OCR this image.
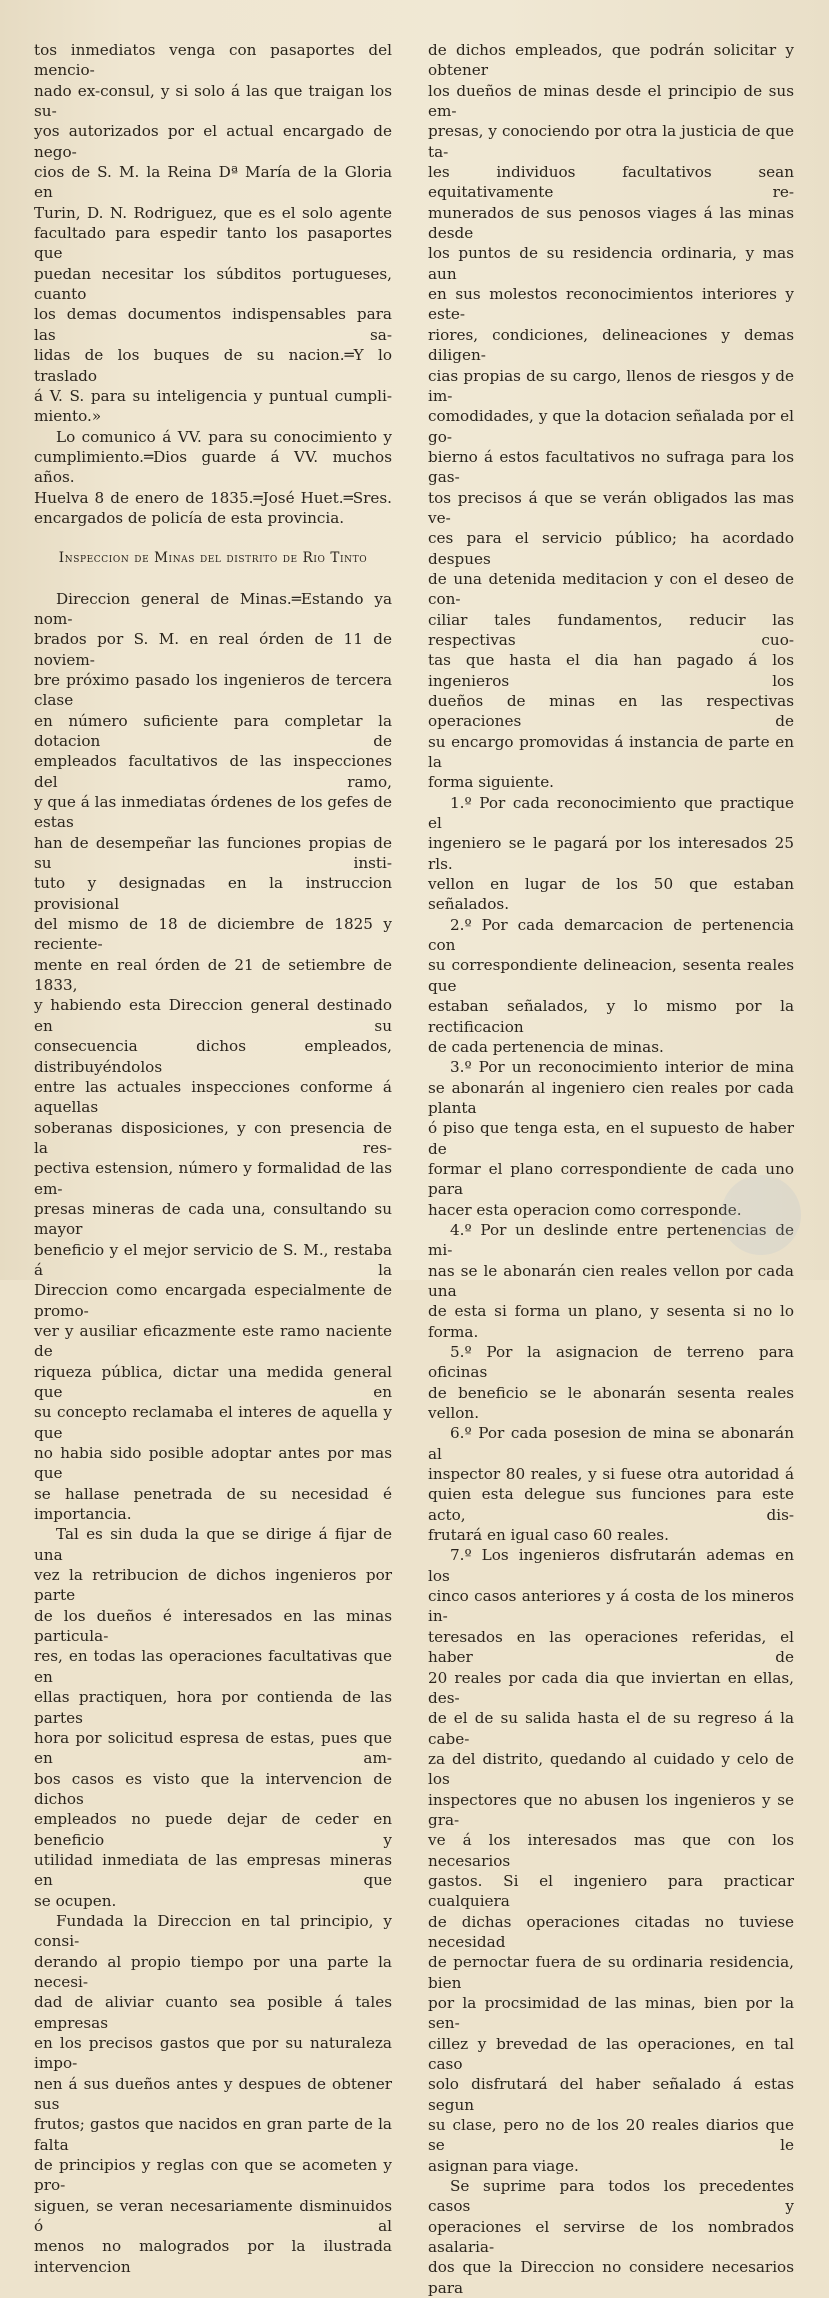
tos inmediatos venga con pasaportes del mencio-
nado ex-consul, y si solo á las que traigan los su-
yos autorizados por el actual encargado de nego-
cios de S. M. la Reina Dª María de la Gloria en
Turin, D. N. Rodriguez, que es el solo agente
facultado para espedir tanto los pasaportes que
puedan necesitar los súbditos portugueses, cuanto
los demas documentos indispensables para las sa-
lidas de los buques de su nacion.═Y lo traslado
á V. S. para su inteligencia y puntual cumpli-
miento.»

Lo comunico á VV. para su conocimiento y
cumplimiento.═Dios guarde á VV. muchos años.
Huelva 8 de enero de 1835.═José Huet.═Sres.
encargados de policía de esta provincia.

Inspeccion de Minas del distrito de Rio Tinto

Direccion general de Minas.═Estando ya nom-
brados por S. M. en real órden de 11 de noviem-
bre próximo pasado los ingenieros de tercera clase
en número suficiente para completar la dotacion de
empleados facultativos de las inspecciones del ramo,
y que á las inmediatas órdenes de los gefes de estas
han de desempeñar las funciones propias de su insti-
tuto y designadas en la instruccion provisional
del mismo de 18 de diciembre de 1825 y reciente-
mente en real órden de 21 de setiembre de 1833,
y habiendo esta Direccion general destinado en su
consecuencia dichos empleados, distribuyéndolos
entre las actuales inspecciones conforme á aquellas
soberanas disposiciones, y con presencia de la res-
pectiva estension, número y formalidad de las em-
presas mineras de cada una, consultando su mayor
beneficio y el mejor servicio de S. M., restaba á la
Direccion como encargada especialmente de promo-
ver y ausiliar eficazmente este ramo naciente de
riqueza pública, dictar una medida general que en
su concepto reclamaba el interes de aquella y que
no habia sido posible adoptar antes por mas que
se hallase penetrada de su necesidad é importancia.

Tal es sin duda la que se dirige á fijar de una
vez la retribucion de dichos ingenieros por parte
de los dueños é interesados en las minas particula-
res, en todas las operaciones facultativas que en
ellas practiquen, hora por contienda de las partes
hora por solicitud espresa de estas, pues que en am-
bos casos es visto que la intervencion de dichos
empleados no puede dejar de ceder en beneficio y
utilidad inmediata de las empresas mineras en que
se ocupen.

Fundada la Direccion en tal principio, y consi-
derando al propio tiempo por una parte la necesi-
dad de aliviar cuanto sea posible á tales empresas
en los precisos gastos que por su naturaleza impo-
nen á sus dueños antes y despues de obtener sus
frutos; gastos que nacidos en gran parte de la falta
de principios y reglas con que se acometen y pro-
siguen, se veran necesariamente disminuidos ó al
menos no malogrados por la ilustrada intervencion

de dichos empleados, que podrán solicitar y obtener
los dueños de minas desde el principio de sus em-
presas, y conociendo por otra la justicia de que ta-
les individuos facultativos sean equitativamente re-
munerados de sus penosos viages á las minas desde
los puntos de su residencia ordinaria, y mas aun
en sus molestos reconocimientos interiores y este-
riores, condiciones, delineaciones y demas diligen-
cias propias de su cargo, llenos de riesgos y de im-
comodidades, y que la dotacion señalada por el go-
bierno á estos facultativos no sufraga para los gas-
tos precisos á que se verán obligados las mas ve-
ces para el servicio público; ha acordado despues
de una detenida meditacion y con el deseo de con-
ciliar tales fundamentos, reducir las respectivas cuo-
tas que hasta el dia han pagado á los ingenieros los
dueños de minas en las respectivas operaciones de
su encargo promovidas á instancia de parte en la
forma siguiente.

1.º Por cada reconocimiento que practique el
ingeniero se le pagará por los interesados 25 rls.
vellon en lugar de los 50 que estaban señalados.

2.º Por cada demarcacion de pertenencia con
su correspondiente delineacion, sesenta reales que
estaban señalados, y lo mismo por la rectificacion
de cada pertenencia de minas.

3.º Por un reconocimiento interior de mina
se abonarán al ingeniero cien reales por cada planta
ó piso que tenga esta, en el supuesto de haber de
formar el plano correspondiente de cada uno para
hacer esta operacion como corresponde.

4.º Por un deslinde entre pertenencias de mi-
nas se le abonarán cien reales vellon por cada una
de esta si forma un plano, y sesenta si no lo
forma.

5.º Por la asignacion de terreno para oficinas
de beneficio se le abonarán sesenta reales vellon.

6.º Por cada posesion de mina se abonarán al
inspector 80 reales, y si fuese otra autoridad á
quien esta delegue sus funciones para este acto, dis-
frutará en igual caso 60 reales.

7.º Los ingenieros disfrutarán ademas en los
cinco casos anteriores y á costa de los mineros in-
teresados en las operaciones referidas, el haber de
20 reales por cada dia que inviertan en ellas, des-
de el de su salida hasta el de su regreso á la cabe-
za del distrito, quedando al cuidado y celo de los
inspectores que no abusen los ingenieros y se gra-
ve á los interesados mas que con los necesarios
gastos. Si el ingeniero para practicar cualquiera
de dichas operaciones citadas no tuviese necesidad
de pernoctar fuera de su ordinaria residencia, bien
por la procsimidad de las minas, bien por la sen-
cillez y brevedad de las operaciones, en tal caso
solo disfrutará del haber señalado á estas segun
su clase, pero no de los 20 reales diarios que se le
asignan para viage.

Se suprime para todos los precedentes casos y
operaciones el servirse de los nombrados asalaria-
dos que la Direccion no considere necesarios para
